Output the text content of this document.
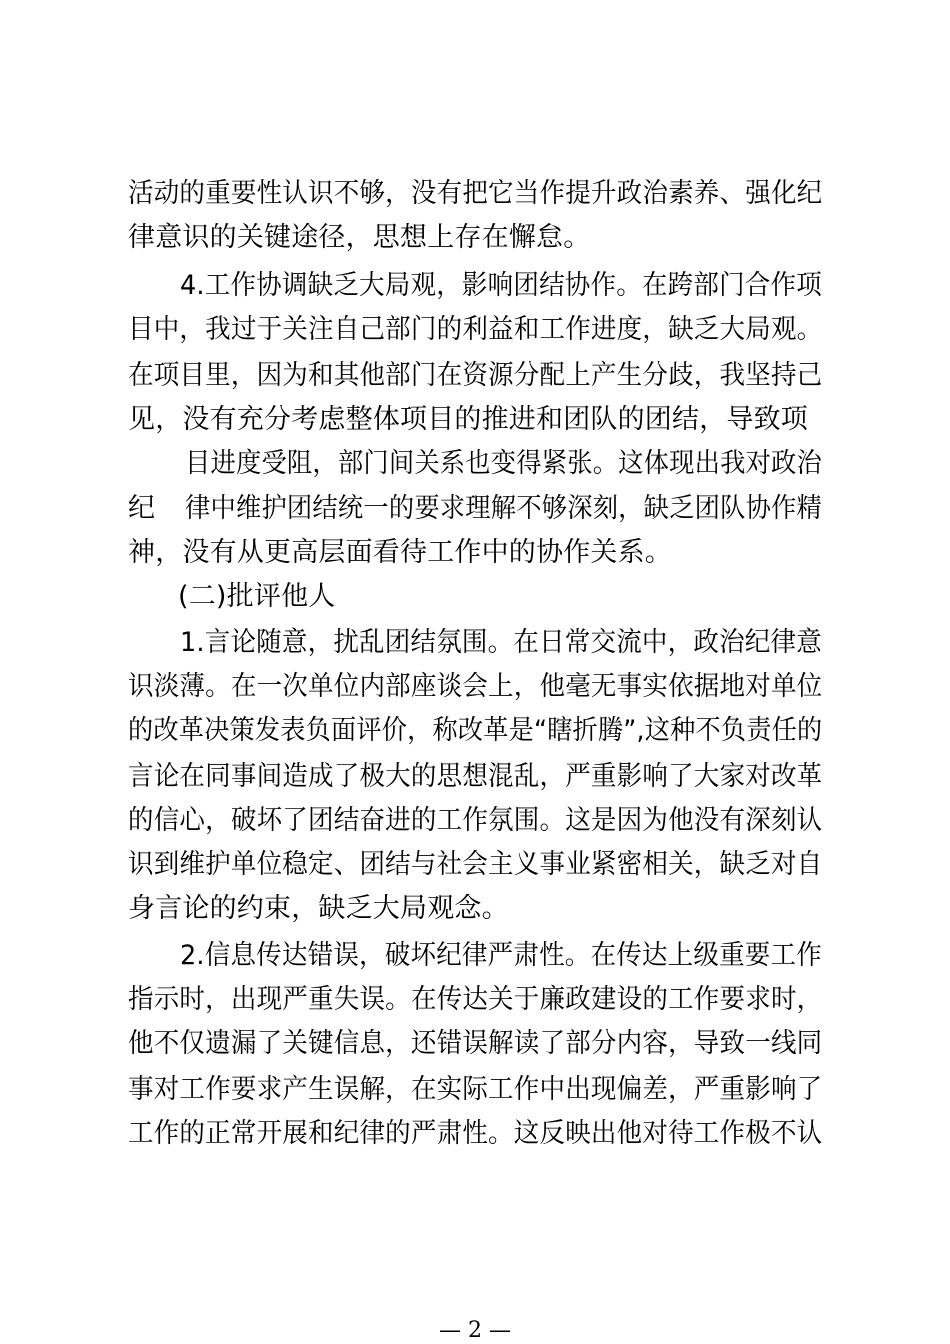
活动的重要性认识不够，没有把它当作提升政治素养、强化纪
律意识的关键途径，思想上存在懈怠。
4.工作协调缺乏大局观，影响团结协作。在跨部门合作项
目中，我过于关注自己部门的利益和工作进度，缺乏大局观。
在项目里，因为和其他部门在资源分配上产生分歧，我坚持己
见，没有充分考虑整体项目的推进和团队的团结，导致项
目进度受阻，部门间关系也变得紧张。这体现出我对政治
纪 律中维护团结统一的要求理解不够深刻，缺乏团队协作精
神，没有从更高层面看待工作中的协作关系。
(二)批评他人
1.言论随意，扰乱团结氛围。在日常交流中，政治纪律意
识淡薄。在一次单位内部座谈会上，他毫无事实依据地对单位
的改革决策发表负面评价，称改革是“瞎折腾”,这种不负责任的
言论在同事间造成了极大的思想混乱，严重影响了大家对改革
的信心，破坏了团结奋进的工作氛围。这是因为他没有深刻认
识到维护单位稳定、团结与社会主义事业紧密相关，缺乏对自
身言论的约束，缺乏大局观念。
2.信息传达错误，破坏纪律严肃性。在传达上级重要工作
指示时，出现严重失误。在传达关于廉政建设的工作要求时，
他不仅遗漏了关键信息，还错误解读了部分内容，导致一线同
事对工作要求产生误解，在实际工作中出现偏差，严重影响了
工作的正常开展和纪律的严肃性。这反映出他对待工作极不认
— 2 —
